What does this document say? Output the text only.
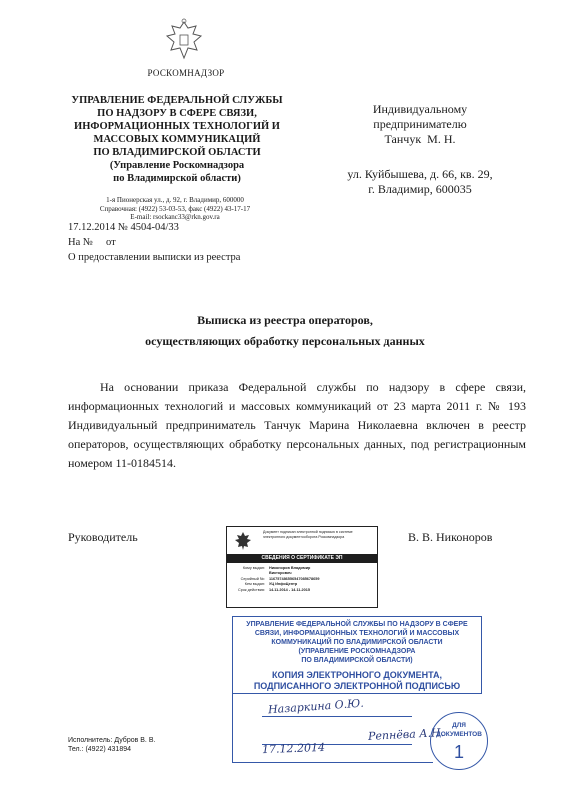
РОСКОМНАДЗОР
УПРАВЛЕНИЕ ФЕДЕРАЛЬНОЙ СЛУЖБЫ
ПО НАДЗОРУ В СФЕРЕ СВЯЗИ,
ИНФОРМАЦИОННЫХ ТЕХНОЛОГИЙ И
МАССОВЫХ КОММУНИКАЦИЙ
ПО ВЛАДИМИРСКОЙ ОБЛАСТИ
(Управление Роскомнадзора
по Владимирской области)
1-я Пионерская ул., д. 92, г. Владимир, 600000
Справочная: (4922) 53-03-53, факс (4922) 43-17-17
E-mail: rsockanc33@rkn.gov.ra
17.12.2014 № 4504-04/33
На №     от
О предоставлении выписки из реестра
Индивидуальному
предпринимателю
Танчук  М. Н.
ул. Куйбышева, д. 66, кв. 29,
г. Владимир, 600035
Выписка из реестра операторов,
осуществляющих обработку персональных данных
На основании приказа Федеральной службы по надзору в сфере связи, информационных технологий и массовых коммуникаций от 23 марта 2011 г. № 193 Индивидуальный предприниматель Танчук Марина Николаевна включен в реестр операторов, осуществляющих обработку персональных данных, под регистрационным номером 11-0184514.
Руководитель	В. В. Никоноров
Документ подписан электронной подписью в системе электронного документооборота Роскомнадзора
СВЕДЕНИЯ О СЕРТИФИКАТЕ ЭП
Кому выдан:	Никоноров Владимир
Викторович
Серийный №:	116757486556547085678659
Кем выдан:	УЦ ИнфоЦентр
Срок действия:	14.11.2014 - 14.11.2015
УПРАВЛЕНИЕ ФЕДЕРАЛЬНОЙ СЛУЖБЫ ПО НАДЗОРУ В СФЕРЕ
СВЯЗИ, ИНФОРМАЦИОННЫХ ТЕХНОЛОГИЙ И МАССОВЫХ
КОММУНИКАЦИЙ ПО ВЛАДИМИРСКОЙ ОБЛАСТИ
(УПРАВЛЕНИЕ РОСКОМНАДЗОРА
ПО ВЛАДИМИРСКОЙ ОБЛАСТИ)
КОПИЯ ЭЛЕКТРОННОГО ДОКУМЕНТА,
ПОДПИСАННОГО ЭЛЕКТРОННОЙ ПОДПИСЬЮ
Назаркина О.Ю.
Репнёва А.Н.
17.12.2014
ДЛЯ
ДОКУМЕНТОВ
1
Исполнитель: Дубров В. В.
Тел.: (4922) 431894
